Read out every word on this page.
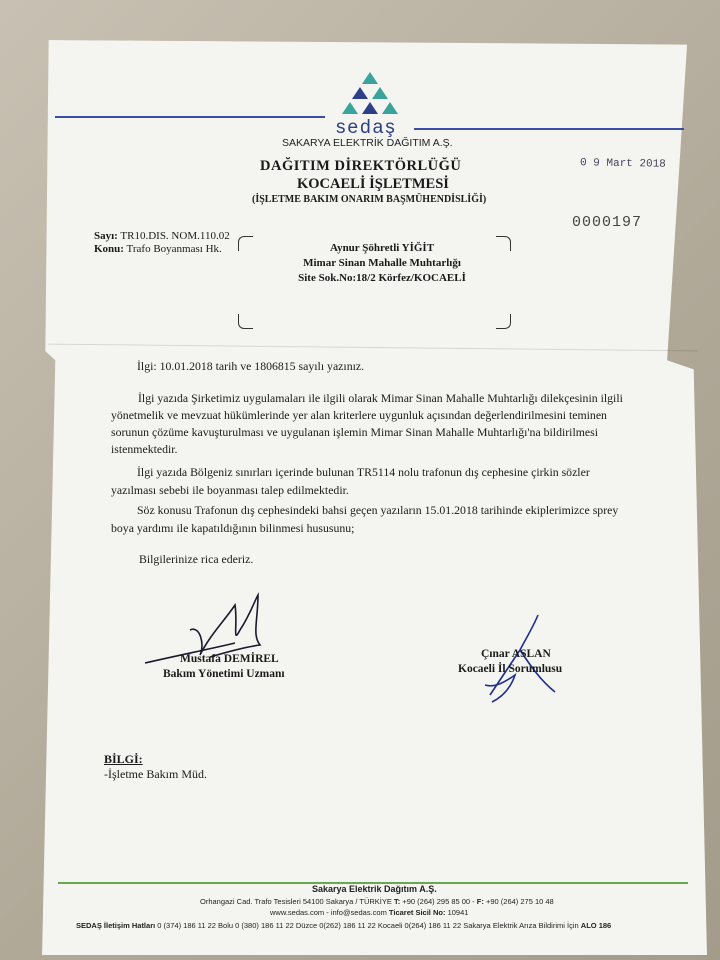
sedaş
SAKARYA ELEKTRİK DAĞITIM A.Ş.
DAĞITIM DİREKTÖRLÜĞÜ
KOCAELİ İŞLETMESİ
(İŞLETME BAKIM ONARIM BAŞMÜHENDİSLİĞİ)
0 9 Mart 2018
0000197
Sayı: TR10.DIS. NOM.110.02
Konu: Trafo Boyanması Hk.	Aynur Şöhretli YİĞİT
Mimar Sinan Mahalle Muhtarlığı
Site Sok.No:18/2 Körfez/KOCAELİ
İlgi: 10.01.2018 tarih ve 1806815 sayılı yazınız.
İlgi yazıda Şirketimiz uygulamaları ile ilgili olarak Mimar Sinan Mahalle Muhtarlığı dilekçesinin ilgili
yönetmelik ve mevzuat hükümlerinde yer alan kriterlere uygunluk açısından değerlendirilmesini teminen
sorunun çözüme kavuşturulması ve uygulanan işlemin Mimar Sinan Mahalle Muhtarlığı'na bildirilmesi
istenmektedir.
İlgi yazıda Bölgeniz sınırları içerinde bulunan TR5114 nolu trafonun dış cephesine çirkin sözler
yazılması sebebi ile boyanması talep edilmektedir.
Söz konusu Trafonun dış cephesindeki bahsi geçen yazıların 15.01.2018 tarihinde ekiplerimizce sprey
boya yardımı ile kapatıldığının bilinmesi hususunu;
Bilgilerinize rica ederiz.
Mustafa DEMİREL
Bakım Yönetimi Uzmanı
Çınar ASLAN
Kocaeli İl Sorumlusu
BİLGİ:
-İşletme Bakım Müd.
Sakarya Elektrik Dağıtım A.Ş.
Orhangazi Cad. Trafo Tesisleri 54100 Sakarya / TÜRKİYE T: +90 (264) 295 85 00 - F: +90 (264) 275 10 48
www.sedas.com - info@sedas.com Ticaret Sicil No: 10941
SEDAŞ İletişim Hatları 0 (374) 186 11 22 Bolu 0 (380) 186 11 22 Düzce 0(262) 186 11 22 Kocaeli 0(264) 186 11 22 Sakarya Elektrik Arıza Bildirimi İçin ALO 186
